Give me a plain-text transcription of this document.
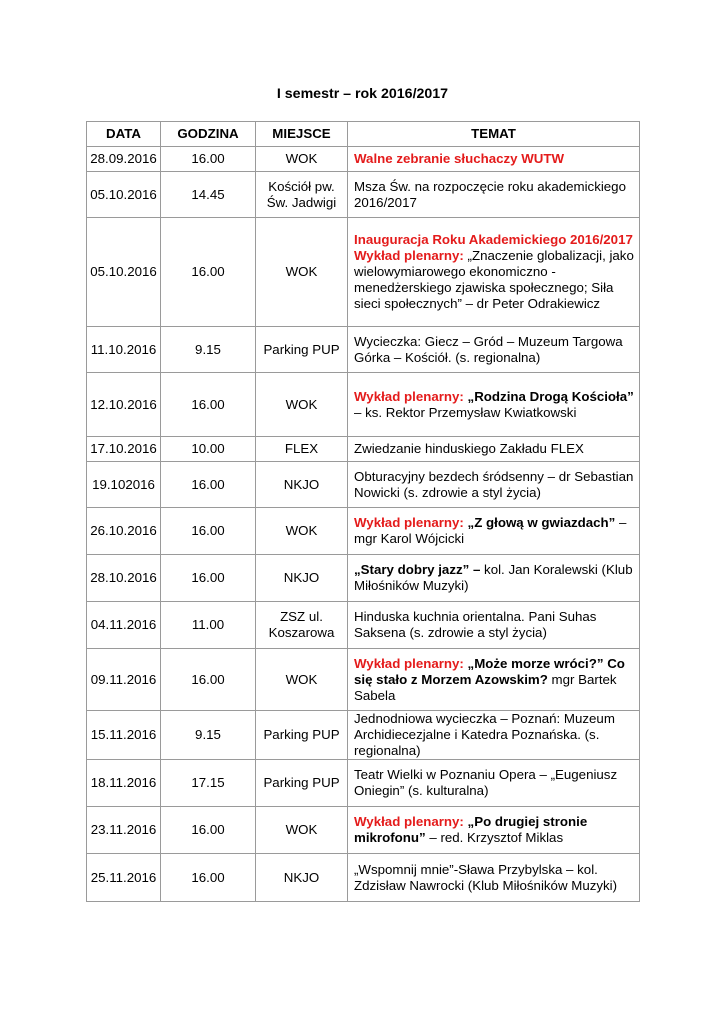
I semestr – rok 2016/2017
DATA	GODZINA	MIEJSCE	TEMAT
28.09.2016	16.00	WOK	Walne zebranie słuchaczy WUTW
05.10.2016	14.45	Kościół pw. Św. Jadwigi	Msza Św. na rozpoczęcie roku akademickiego 2016/2017
05.10.2016	16.00	WOK	Inauguracja Roku Akademickiego 2016/2017 Wykład plenarny: „Znaczenie globalizacji, jako wielowymiarowego ekonomiczno -menedżerskiego zjawiska społecznego; Siła sieci społecznych” – dr Peter Odrakiewicz
11.10.2016	9.15	Parking PUP	Wycieczka: Giecz – Gród – Muzeum Targowa Górka – Kościół. (s. regionalna)
12.10.2016	16.00	WOK	Wykład plenarny: „Rodzina Drogą Kościoła” – ks. Rektor Przemysław Kwiatkowski
17.10.2016	10.00	FLEX	Zwiedzanie hinduskiego Zakładu FLEX
19.102016	16.00	NKJO	Obturacyjny bezdech śródsenny – dr Sebastian Nowicki (s. zdrowie a styl życia)
26.10.2016	16.00	WOK	Wykład plenarny: „Z głową w gwiazdach” – mgr Karol Wójcicki
28.10.2016	16.00	NKJO	„Stary dobry jazz” – kol. Jan Koralewski (Klub Miłośników Muzyki)
04.11.2016	11.00	ZSZ ul. Koszarowa	Hinduska kuchnia orientalna. Pani Suhas Saksena (s. zdrowie a styl życia)
09.11.2016	16.00	WOK	Wykład plenarny: „Może morze wróci?” Co się stało z Morzem Azowskim? mgr Bartek Sabela
15.11.2016	9.15	Parking PUP	Jednodniowa wycieczka – Poznań: Muzeum Archidiecezjalne i Katedra Poznańska. (s. regionalna)
18.11.2016	17.15	Parking PUP	Teatr Wielki w Poznaniu Opera – „Eugeniusz Oniegin” (s. kulturalna)
23.11.2016	16.00	WOK	Wykład plenarny: „Po drugiej stronie mikrofonu” – red. Krzysztof Miklas
25.11.2016	16.00	NKJO	„Wspomnij mnie”-Sława Przybylska – kol. Zdzisław Nawrocki (Klub Miłośników Muzyki)
